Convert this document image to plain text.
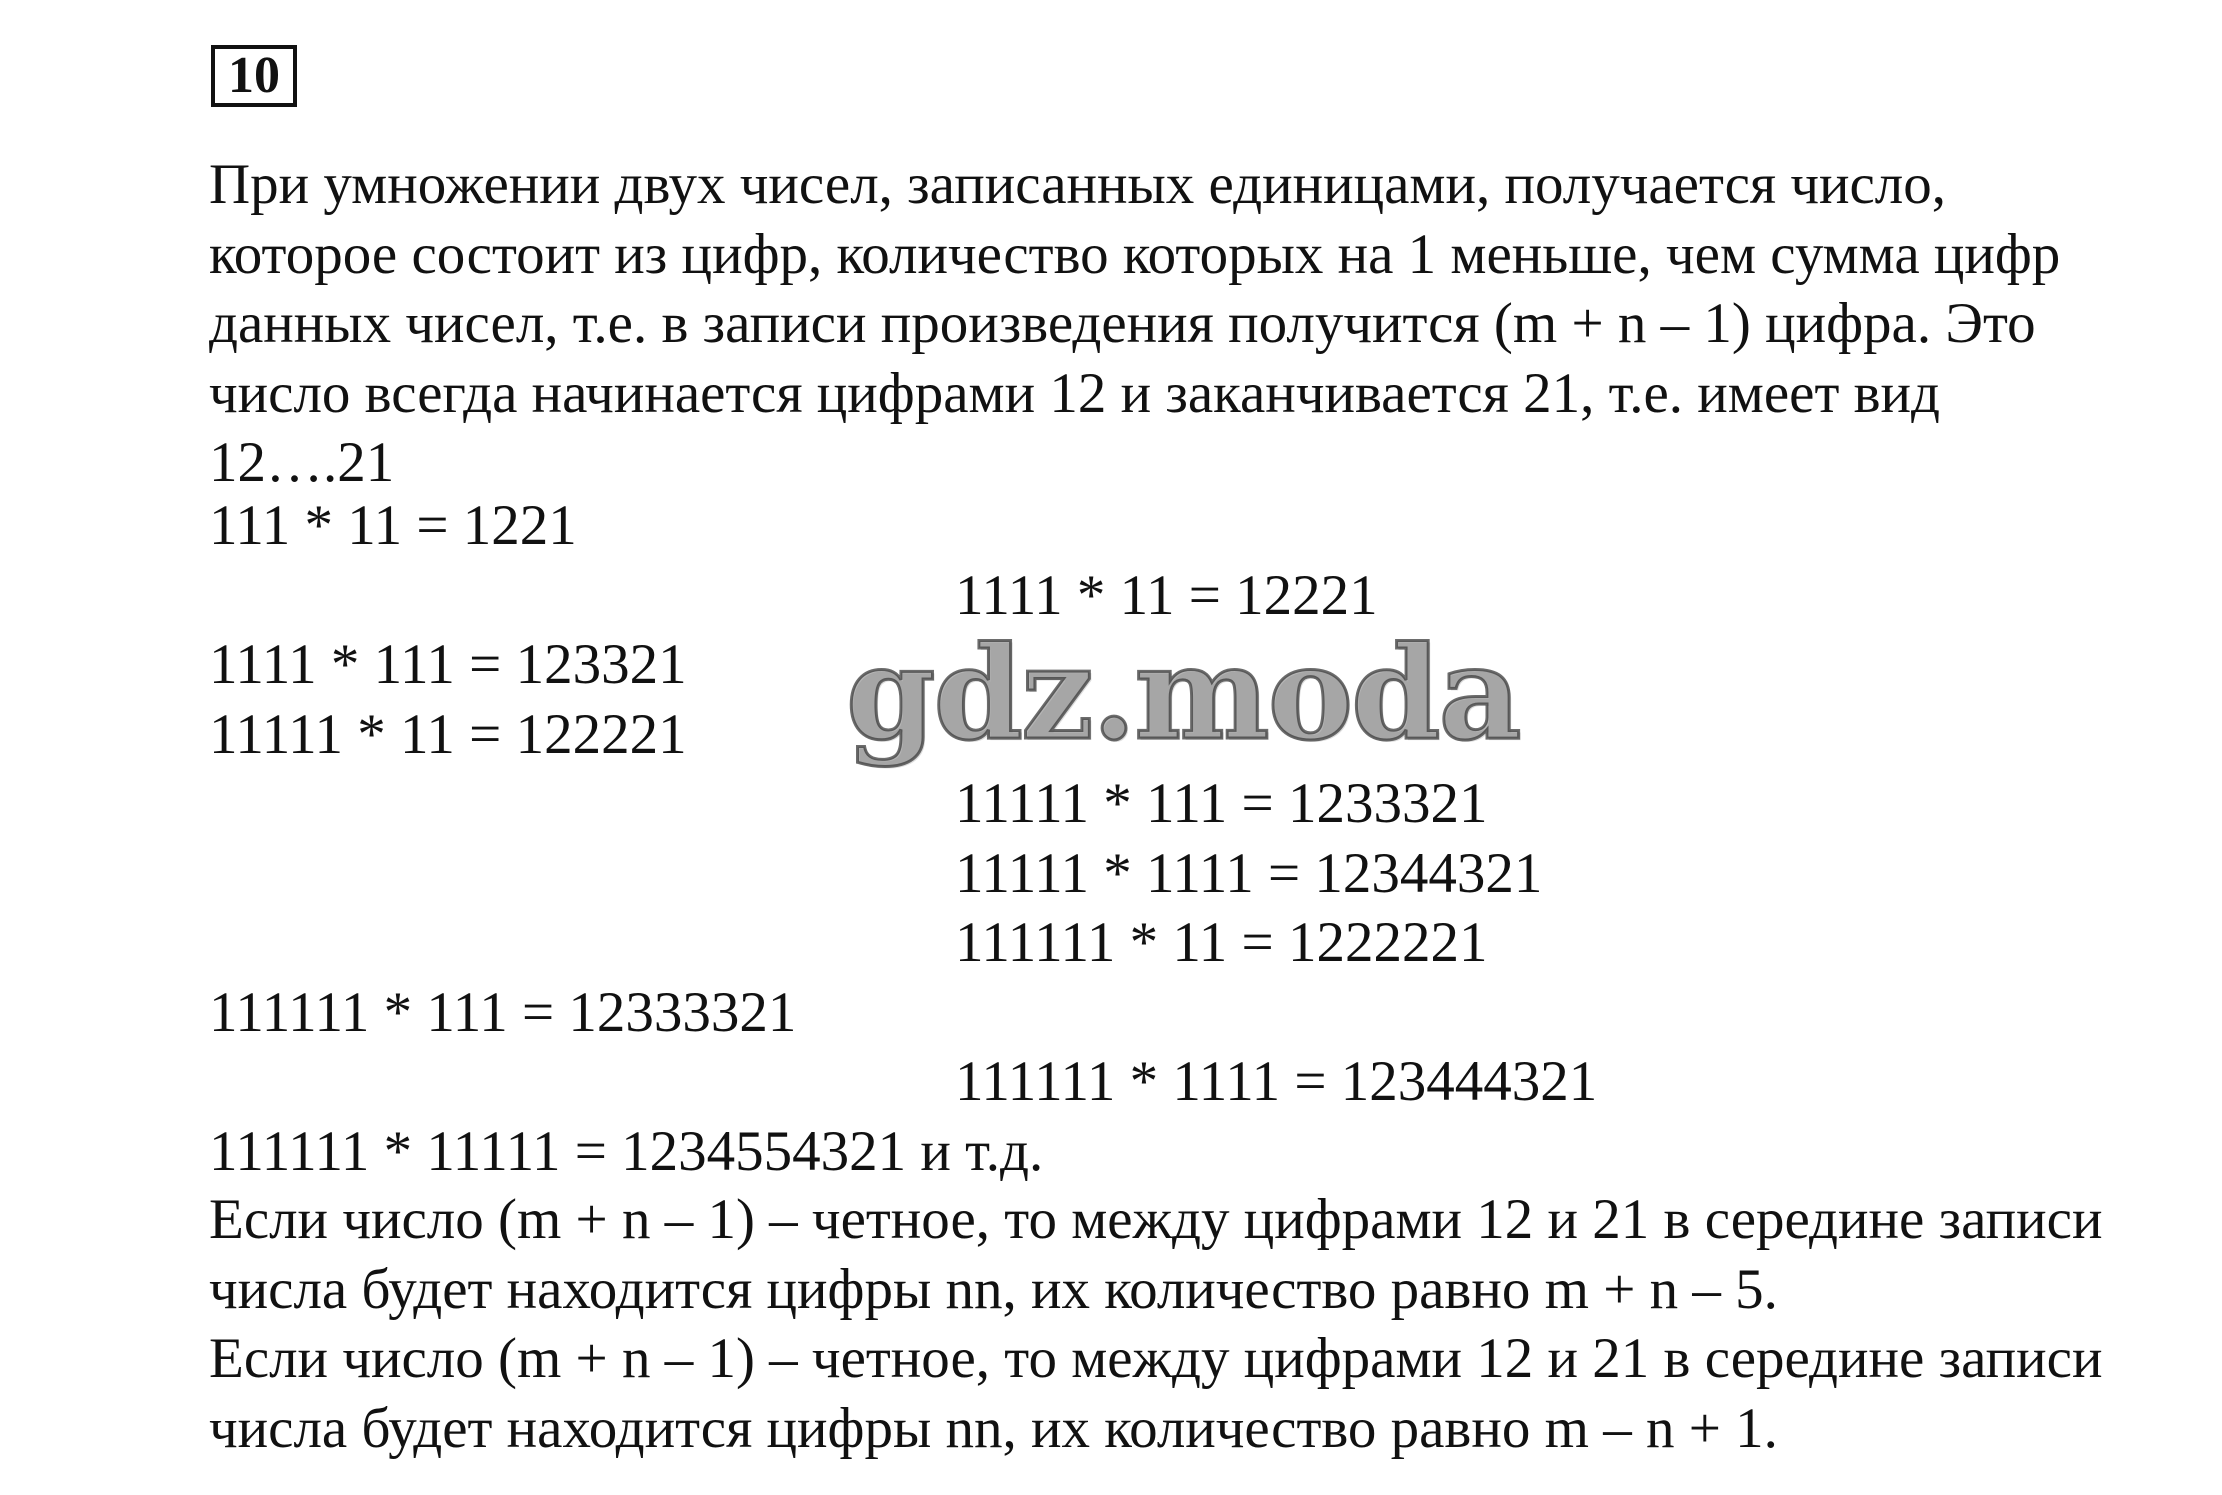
10
При умножении двух чисел, записанных единицами, получается число,
которое состоит из цифр, количество которых на 1 меньше, чем сумма цифр
данных чисел, т.е. в записи произведения получится (m + n – 1) цифра. Это
число всегда начинается цифрами 12 и заканчивается 21, т.е. имеет вид
12….21
111 * 11 = 1221
1111 * 11 = 12221
1111 * 111 = 123321
11111 * 11 = 122221
11111 * 111 = 1233321
11111 * 1111 = 12344321
111111 * 11 = 1222221
111111 * 111 = 12333321
111111 * 1111 = 123444321
111111 * 11111 = 1234554321 и т.д.
Если число (m + n – 1) – четное, то между цифрами 12 и 21 в середине записи
числа будет находится цифры nn, их количество равно m + n – 5.
Если число (m + n – 1) – четное, то между цифрами 12 и 21 в середине записи
числа будет находится цифры nn, их количество равно m – n + 1.
gdz.moda
